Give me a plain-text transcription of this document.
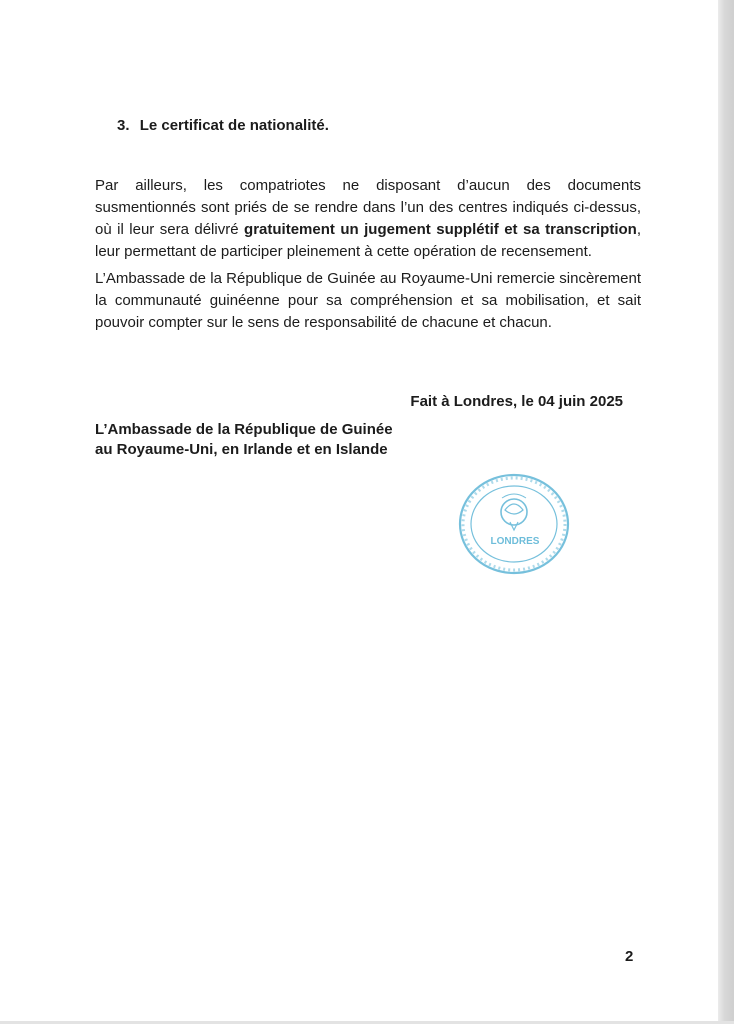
3. Le certificat de nationalité.

Par ailleurs, les compatriotes ne disposant d’aucun des documents susmentionnés sont priés de se rendre dans l’un des centres indiqués ci-dessus, où il leur sera délivré gratuitement un jugement supplétif et sa transcription, leur permettant de participer pleinement à cette opération de recensement.

L’Ambassade de la République de Guinée au Royaume-Uni remercie sincèrement la communauté guinéenne pour sa compréhension et sa mobilisation, et sait pouvoir compter sur le sens de responsabilité de chacune et chacun.

Fait à Londres, le 04 juin 2025
L’Ambassade de la République de Guinée
au Royaume-Uni, en Irlande et en Islande
LONDRES
2
